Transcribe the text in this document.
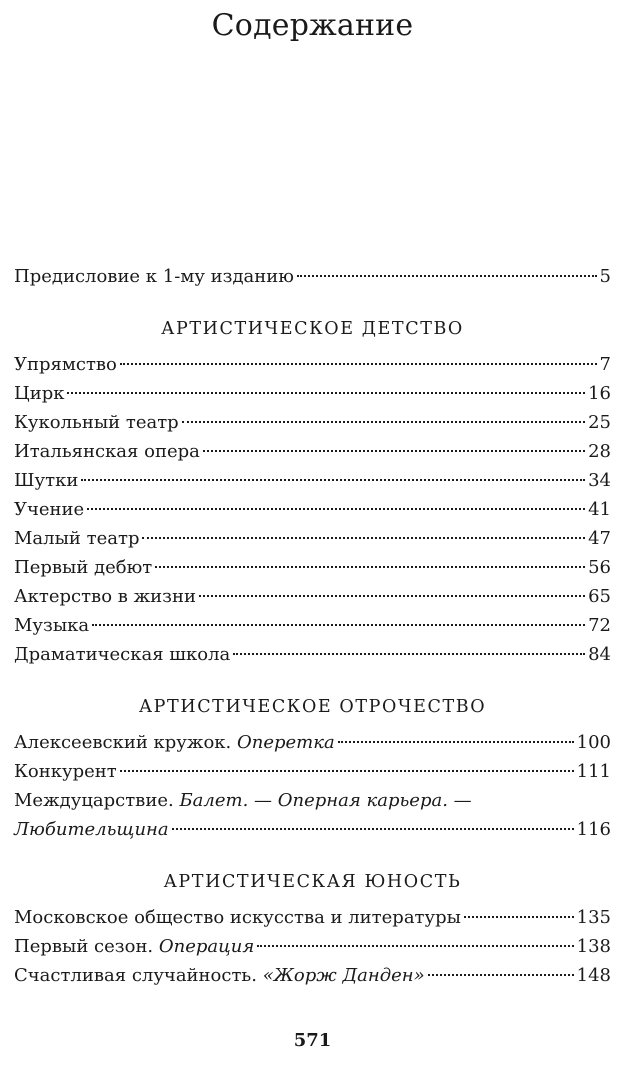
Содержание
Предисловие к 1-му изданию	5
АРТИСТИЧЕСКОЕ ДЕТСТВО
Упрямство	7
Цирк	16
Кукольный театр	25
Итальянская опера	28
Шутки	34
Учение	41
Малый театр	47
Первый дебют	56
Актерство в жизни	65
Музыка	72
Драматическая школа	84
АРТИСТИЧЕСКОЕ ОТРОЧЕСТВО
Алексеевский кружок. Оперетка	100
Конкурент	111
Междуцарствие. Балет. — Оперная карьера. —
Любительщина	116
АРТИСТИЧЕСКАЯ ЮНОСТЬ
Московское общество искусства и литературы	135
Первый сезон. Операция	138
Счастливая случайность. «Жорж Данден»	148
571
